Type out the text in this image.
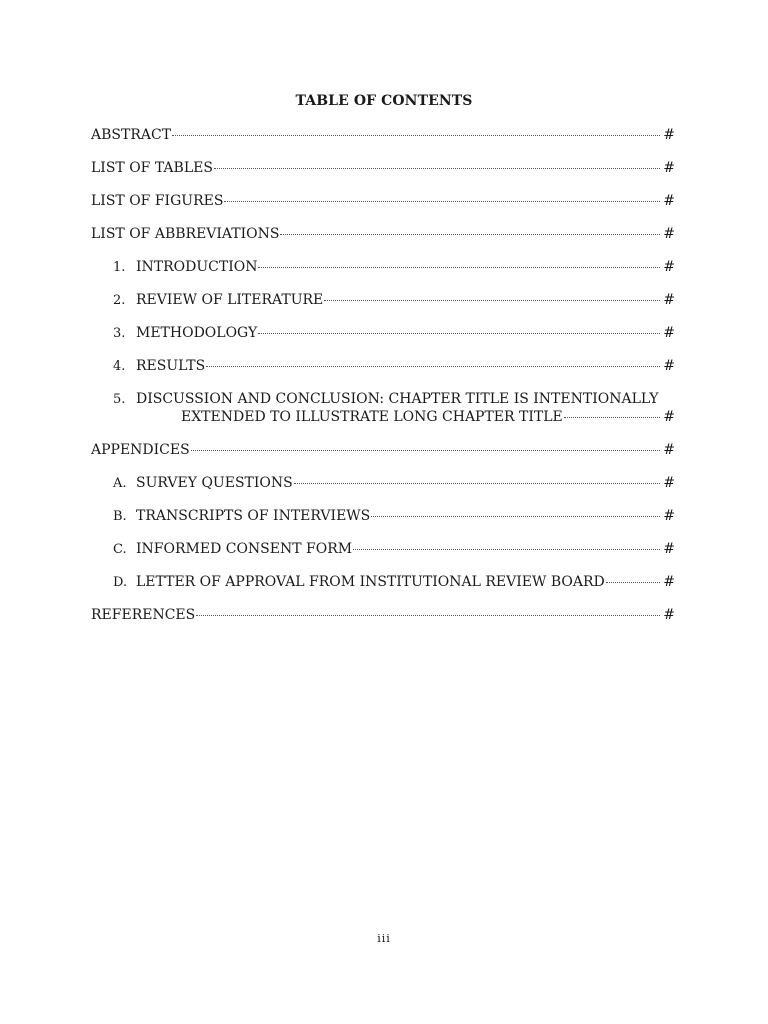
TABLE OF CONTENTS
ABSTRACT	#
LIST OF TABLES	#
LIST OF FIGURES	#
LIST OF ABBREVIATIONS	#
1. INTRODUCTION	#
2. REVIEW OF LITERATURE	#
3. METHODOLOGY	#
4. RESULTS	#
5. DISCUSSION AND CONCLUSION: CHAPTER TITLE IS INTENTIONALLY
EXTENDED TO ILLUSTRATE LONG CHAPTER TITLE	#
APPENDICES	#
A. SURVEY QUESTIONS	#
B. TRANSCRIPTS OF INTERVIEWS	#
C. INFORMED CONSENT FORM	#
D. LETTER OF APPROVAL FROM INSTITUTIONAL REVIEW BOARD	#
REFERENCES	#
iii
